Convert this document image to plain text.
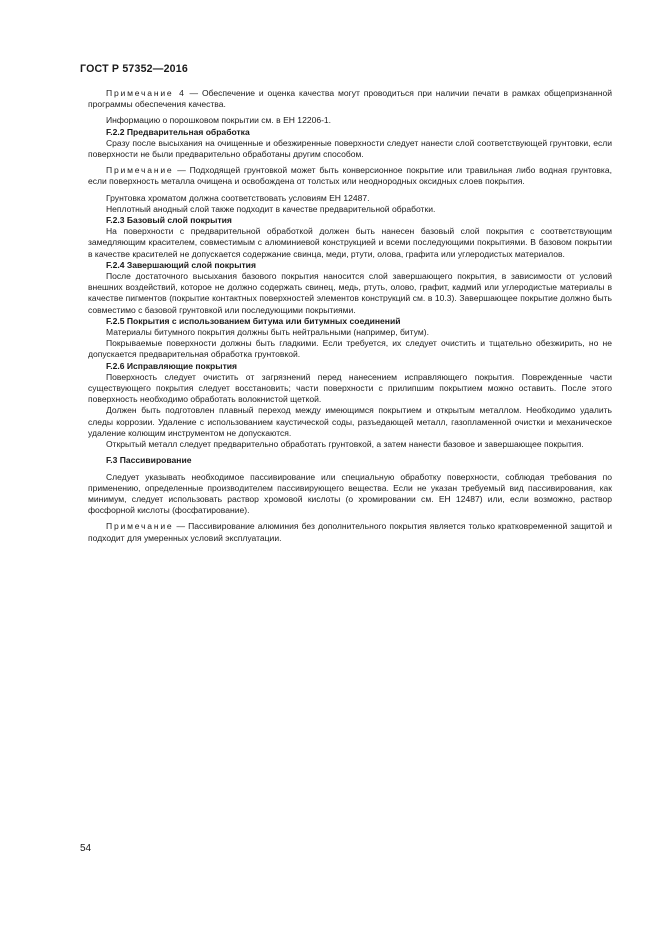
ГОСТ Р 57352—2016

Примечание 4 — Обеспечение и оценка качества могут проводиться при наличии печати в рамках общепризнанной программы обеспечения качества.

Информацию о порошковом покрытии см. в ЕН 12206-1.

F.2.2 Предварительная обработка

Сразу после высыхания на очищенные и обезжиренные поверхности следует нанести слой соответствующей грунтовки, если поверхности не были предварительно обработаны другим способом.

Примечание — Подходящей грунтовкой может быть конверсионное покрытие или травильная либо водная грунтовка, если поверхность металла очищена и освобождена от толстых или неоднородных оксидных слоев покрытия.

Грунтовка хроматом должна соответствовать условиям ЕН 12487.

Неплотный анодный слой также подходит в качестве предварительной обработки.

F.2.3 Базовый слой покрытия

На поверхности с предварительной обработкой должен быть нанесен базовый слой покрытия с соответствующим замедляющим красителем, совместимым с алюминиевой конструкцией и всеми последующими покрытиями. В базовом покрытии в качестве красителей не допускается содержание свинца, меди, ртути, олова, графита или углеродистых материалов.

F.2.4 Завершающий слой покрытия

После достаточного высыхания базового покрытия наносится слой завершающего покрытия, в зависимости от условий внешних воздействий, которое не должно содержать свинец, медь, ртуть, олово, графит, кадмий или углеродистые материалы в качестве пигментов (покрытие контактных поверхностей элементов конструкций см. в 10.3). Завершающее покрытие должно быть совместимо с базовой грунтовкой или последующими покрытиями.

F.2.5 Покрытия с использованием битума или битумных соединений

Материалы битумного покрытия должны быть нейтральными (например, битум).

Покрываемые поверхности должны быть гладкими. Если требуется, их следует очистить и тщательно обезжирить, но не допускается предварительная обработка грунтовкой.

F.2.6 Исправляющие покрытия

Поверхность следует очистить от загрязнений перед нанесением исправляющего покрытия. Поврежденные части существующего покрытия следует восстановить; части поверхности с прилипшим покрытием можно оставить. После этого поверхность необходимо обработать волокнистой щеткой.

Должен быть подготовлен плавный переход между имеющимся покрытием и открытым металлом. Необходимо удалить следы коррозии. Удаление с использованием каустической соды, разъедающей металл, газопламенной очистки и механическое удаление колющим инструментом не допускаются.

Открытый металл следует предварительно обработать грунтовкой, а затем нанести базовое и завершающее покрытия.

F.3 Пассивирование

Следует указывать необходимое пассивирование или специальную обработку поверхности, соблюдая требования по применению, определенные производителем пассивирующего вещества. Если не указан требуемый вид пассивирования, как минимум, следует использовать раствор хромовой кислоты (о хромировании см. ЕН 12487) или, если возможно, раствор фосфорной кислоты (фосфатирование).

Примечание — Пассивирование алюминия без дополнительного покрытия является только кратковременной защитой и подходит для умеренных условий эксплуатации.

54
